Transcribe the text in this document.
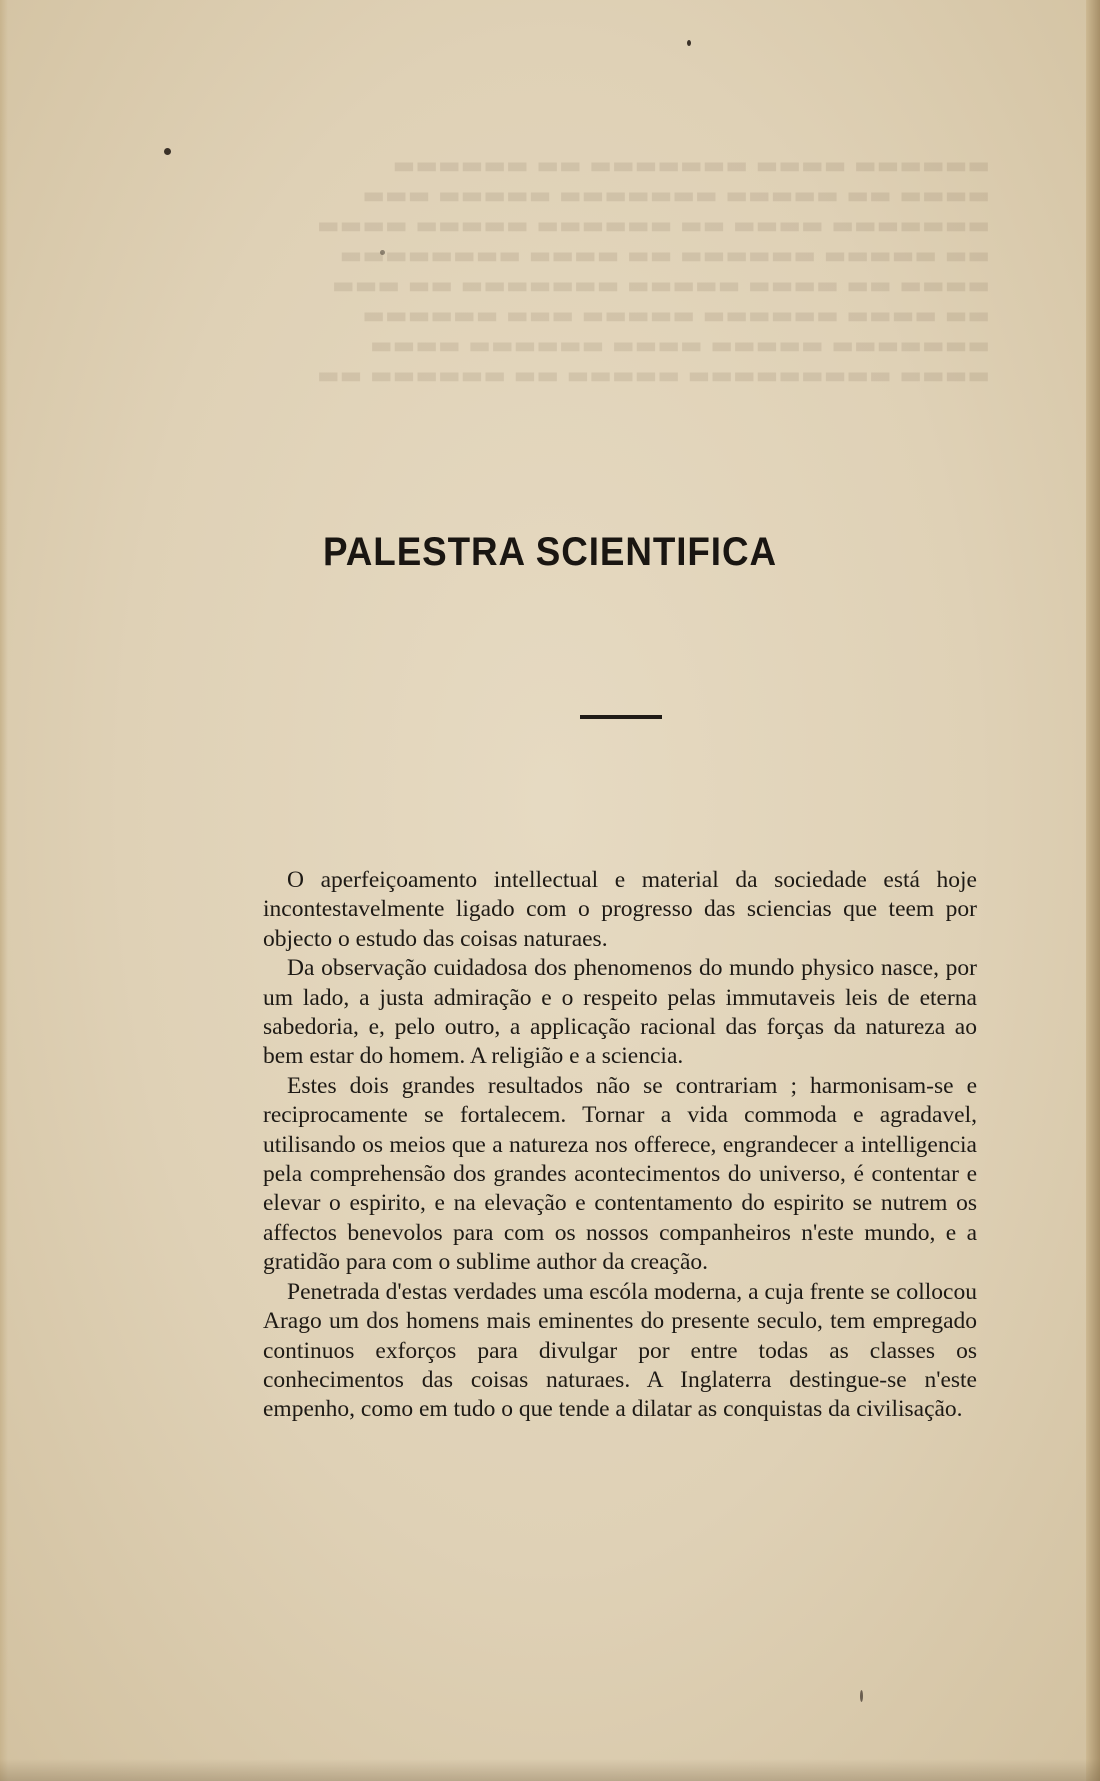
▬▬▬▬▬▬ ▬▬▬▬ ▬▬▬▬▬▬▬ ▬▬ ▬▬▬▬▬▬
▬▬▬▬ ▬▬ ▬▬▬▬▬ ▬▬▬▬▬▬▬ ▬▬▬▬▬ ▬▬▬
▬▬▬▬▬▬▬ ▬▬▬▬ ▬▬ ▬▬▬▬▬▬ ▬▬▬▬▬ ▬▬▬▬
▬▬ ▬▬▬▬▬ ▬▬▬▬▬▬ ▬▬ ▬▬▬▬ ▬▬▬▬▬▬▬▬
▬▬▬▬ ▬▬ ▬▬▬▬ ▬▬▬▬▬ ▬▬▬▬▬▬▬ ▬▬ ▬▬▬
▬▬ ▬▬▬▬ ▬▬▬▬▬▬ ▬▬▬▬▬ ▬▬▬ ▬▬▬▬▬▬
▬▬▬▬▬▬▬ ▬▬▬▬▬ ▬▬▬▬ ▬▬▬▬▬▬ ▬▬▬▬
▬▬▬▬ ▬▬▬▬▬▬▬▬▬ ▬▬▬▬▬ ▬▬ ▬▬▬▬▬▬ ▬▬
PALESTRA SCIENTIFICA

O aperfeiçoamento intellectual e material da sociedade está hoje incontestavelmente ligado com o progresso das sciencias que teem por objecto o estudo das coisas naturaes.

Da observação cuidadosa dos phenomenos do mundo physico nasce, por um lado, a justa admiração e o respeito pelas immutaveis leis de eterna sabedoria, e, pelo outro, a applicação racional das forças da natureza ao bem estar do homem. A religião e a sciencia.

Estes dois grandes resultados não se contrariam ; harmonisam-se e reciprocamente se fortalecem. Tornar a vida commoda e agradavel, utilisando os meios que a natureza nos offerece, engrandecer a intelligencia pela comprehensão dos grandes acontecimentos do universo, é contentar e elevar o espirito, e na elevação e contentamento do espirito se nutrem os affectos benevolos para com os nossos companheiros n'este mundo, e a gratidão para com o sublime author da creação.

Penetrada d'estas verdades uma escóla moderna, a cuja frente se collocou Arago um dos homens mais eminentes do presente seculo, tem empregado continuos exforços para divulgar por entre todas as classes os conhecimentos das coisas naturaes. A Inglaterra destingue-se n'este empenho, como em tudo o que tende a dilatar as conquistas da civilisação.
